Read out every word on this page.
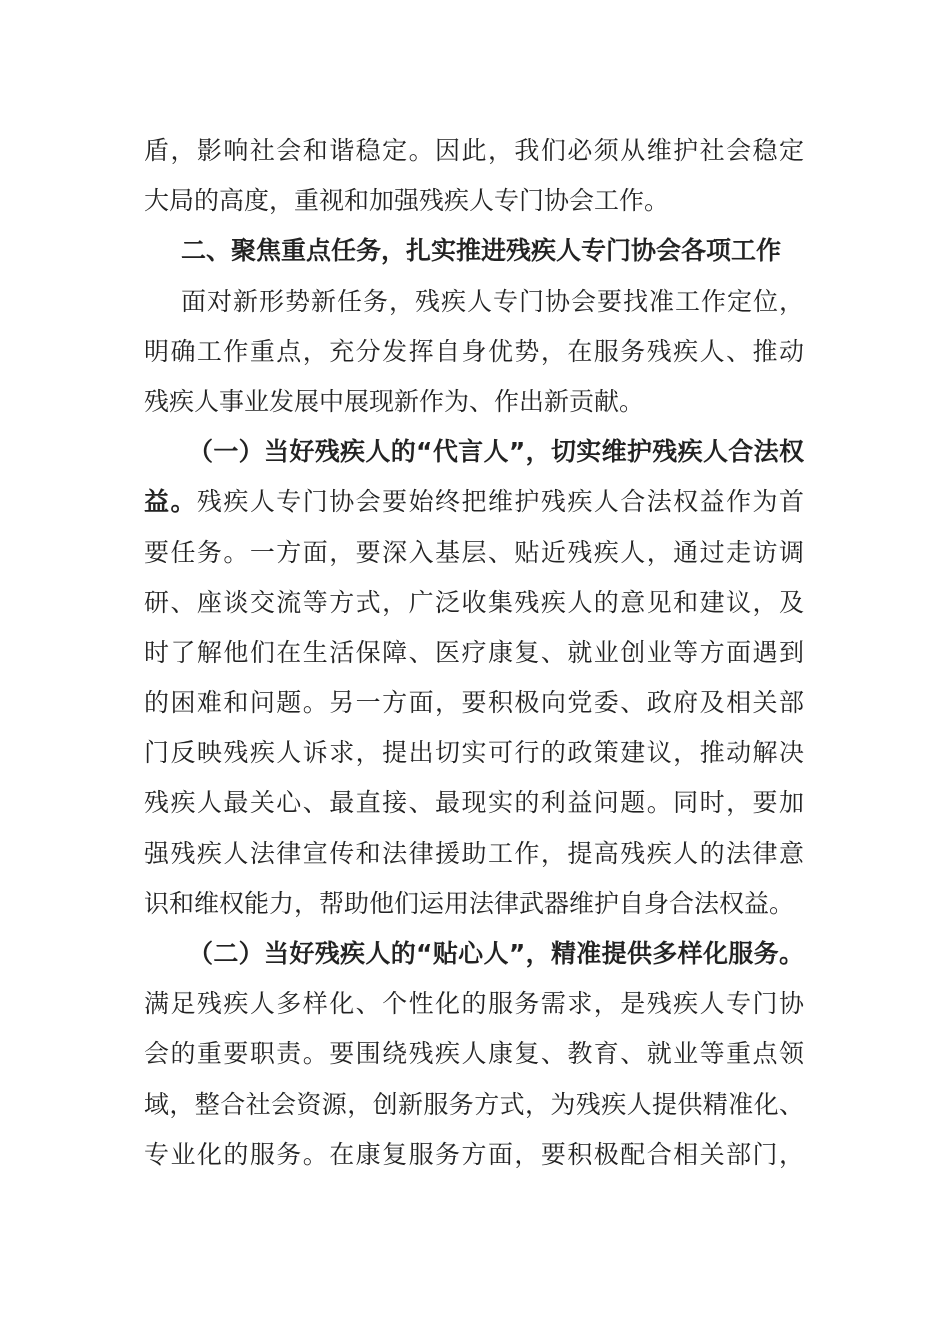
盾，影响社会和谐稳定。因此，我们必须从维护社会稳定
大局的高度，重视和加强残疾人专门协会工作。
二、聚焦重点任务，扎实推进残疾人专门协会各项工作
面对新形势新任务，残疾人专门协会要找准工作定位，
明确工作重点，充分发挥自身优势，在服务残疾人、推动
残疾人事业发展中展现新作为、作出新贡献。
（一）当好残疾人的“代言人”，切实维护残疾人合法权
益。残疾人专门协会要始终把维护残疾人合法权益作为首
要任务。一方面，要深入基层、贴近残疾人，通过走访调
研、座谈交流等方式，广泛收集残疾人的意见和建议，及
时了解他们在生活保障、医疗康复、就业创业等方面遇到
的困难和问题。另一方面，要积极向党委、政府及相关部
门反映残疾人诉求，提出切实可行的政策建议，推动解决
残疾人最关心、最直接、最现实的利益问题。同时，要加
强残疾人法律宣传和法律援助工作，提高残疾人的法律意
识和维权能力，帮助他们运用法律武器维护自身合法权益。
（二）当好残疾人的“贴心人”，精准提供多样化服务。
满足残疾人多样化、个性化的服务需求，是残疾人专门协
会的重要职责。要围绕残疾人康复、教育、就业等重点领
域，整合社会资源，创新服务方式，为残疾人提供精准化、
专业化的服务。在康复服务方面，要积极配合相关部门，
